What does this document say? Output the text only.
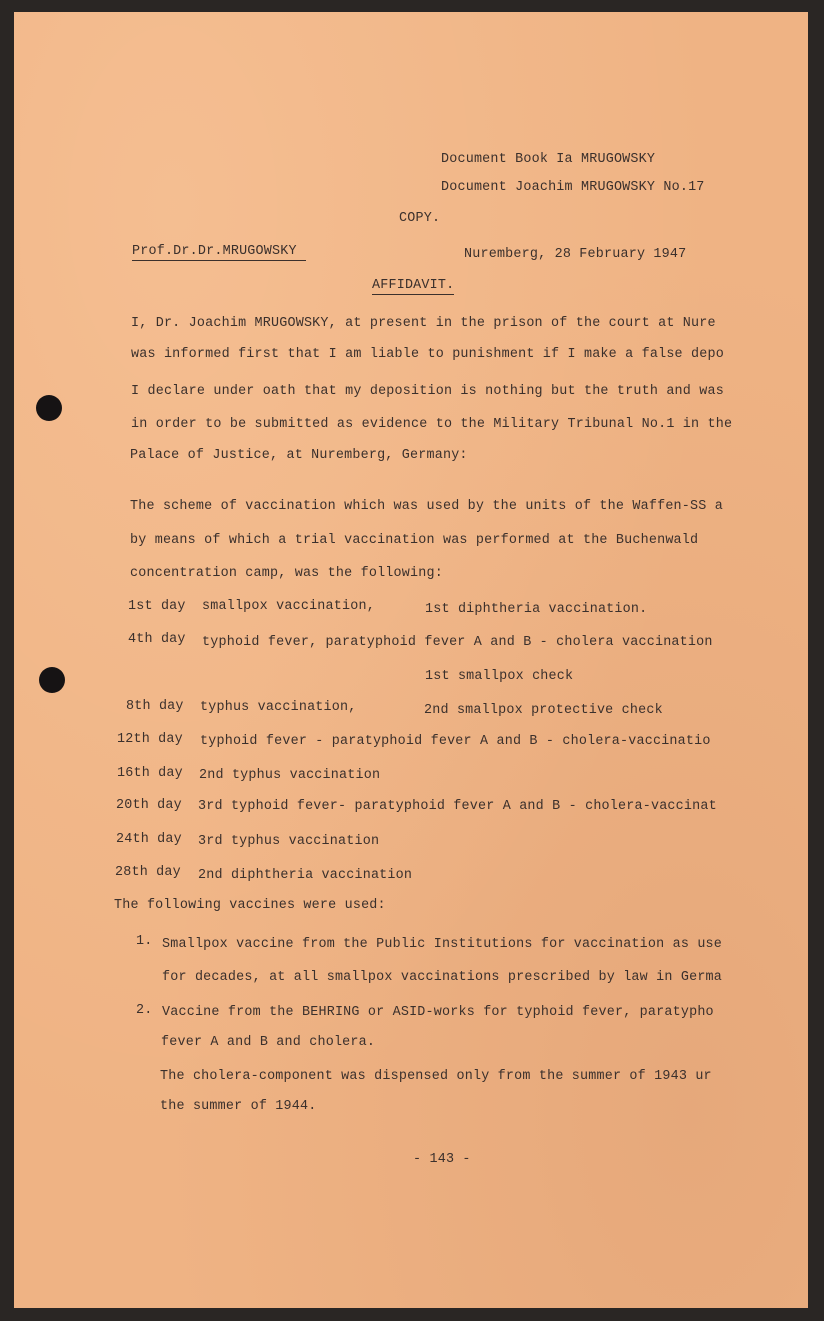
Document Book Ia MRUGOWSKY

Document Joachim MRUGOWSKY No.17

COPY.

Prof.Dr.Dr.MRUGOWSKY	Nuremberg, 28 February 1947

AFFIDAVIT.

I, Dr. Joachim MRUGOWSKY, at present in the prison of the court at Nure

was informed first that I am liable to punishment if I make a false depo

I declare under oath that my deposition is nothing but the truth and was

in order to be submitted as evidence to the Military Tribunal No.1 in the

Palace of Justice, at Nuremberg, Germany:

The scheme of vaccination which was used by the units of the Waffen-SS a

by means of which a trial vaccination was performed at the Buchenwald

concentration camp, was the following:

1st day smallpox vaccination,	1st diphtheria vaccination.

4th day typhoid fever, paratyphoid fever A and B - cholera vaccination

1st smallpox check

8th day typhus vaccination,	2nd smallpox protective check

12th day typhoid fever - paratyphoid fever A and B - cholera-vaccinatio

16th day 2nd typhus vaccination

20th day 3rd typhoid fever- paratyphoid fever A and B - cholera-vaccinat

24th day 3rd typhus vaccination

28th day 2nd diphtheria vaccination

The following vaccines were used:

1. Smallpox vaccine from the Public Institutions for vaccination as use

for decades, at all smallpox vaccinations prescribed by law in Germa

2. Vaccine from the BEHRING or ASID-works for typhoid fever, paratypho

fever A and B and cholera.

The cholera-component was dispensed only from the summer of 1943 ur

the summer of 1944.

- 143 -
